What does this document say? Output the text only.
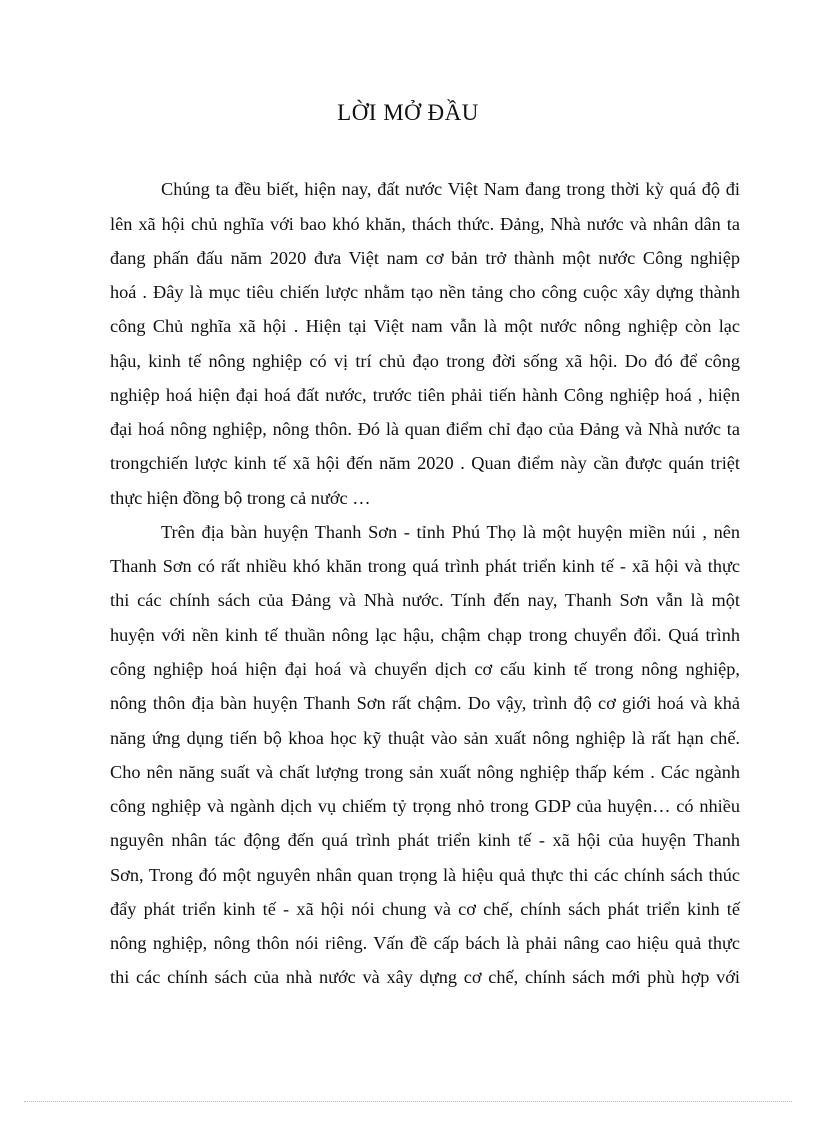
LỜI MỞ ĐẦU
Chúng ta đều biết, hiện nay, đất nước Việt Nam đang trong thời kỳ quá độ đi
lên xã hội chủ nghĩa với bao khó khăn, thách thức. Đảng, Nhà nước và nhân dân ta
đang phấn đấu năm 2020 đưa Việt nam cơ bản trở thành một nước Công nghiệp
hoá . Đây là mục tiêu chiến lược nhằm tạo nền tảng cho công cuộc xây dựng thành
công Chủ nghĩa xã hội . Hiện tại Việt nam vẫn là một nước nông nghiệp còn lạc
hậu, kinh tế nông nghiệp có vị trí chủ đạo trong đời sống xã hội. Do đó để công
nghiệp hoá hiện đại hoá đất nước, trước tiên phải tiến hành Công nghiệp hoá , hiện
đại hoá nông nghiệp, nông thôn. Đó là quan điểm chỉ đạo của Đảng và Nhà nước ta
trongchiến lược kinh tế xã hội đến năm 2020 . Quan điểm này cần được quán triệt
thực hiện đồng bộ trong cả nước …
Trên địa bàn huyện Thanh Sơn - tỉnh Phú Thọ là một huyện miền núi , nên
Thanh Sơn có rất nhiều khó khăn trong quá trình phát triển kinh tế - xã hội và thực
thi các chính sách của Đảng và Nhà nước. Tính đến nay, Thanh Sơn vẫn là một
huyện với nền kinh tế thuần nông lạc hậu, chậm chạp trong chuyển đổi. Quá trình
công nghiệp hoá hiện đại hoá và chuyển dịch cơ cấu kinh tế trong nông nghiệp,
nông thôn địa bàn huyện Thanh Sơn rất chậm. Do vậy, trình độ cơ giới hoá và khả
năng ứng dụng tiến bộ khoa học kỹ thuật vào sản xuất nông nghiệp là rất hạn chế.
Cho nên năng suất và chất lượng trong sản xuất nông nghiệp thấp kém . Các ngành
công nghiệp và ngành dịch vụ chiếm tỷ trọng nhỏ trong GDP của huyện… có nhiều
nguyên nhân tác động đến quá trình phát triển kinh tế - xã hội của huyện Thanh
Sơn, Trong đó một nguyên nhân quan trọng là hiệu quả thực thi các chính sách thúc
đẩy phát triển kinh tế - xã hội nói chung và cơ chế, chính sách phát triển kinh tế
nông nghiệp, nông thôn nói riêng. Vấn đề cấp bách là phải nâng cao hiệu quả thực
thi các chính sách của nhà nước và xây dựng cơ chế, chính sách mới phù hợp với
